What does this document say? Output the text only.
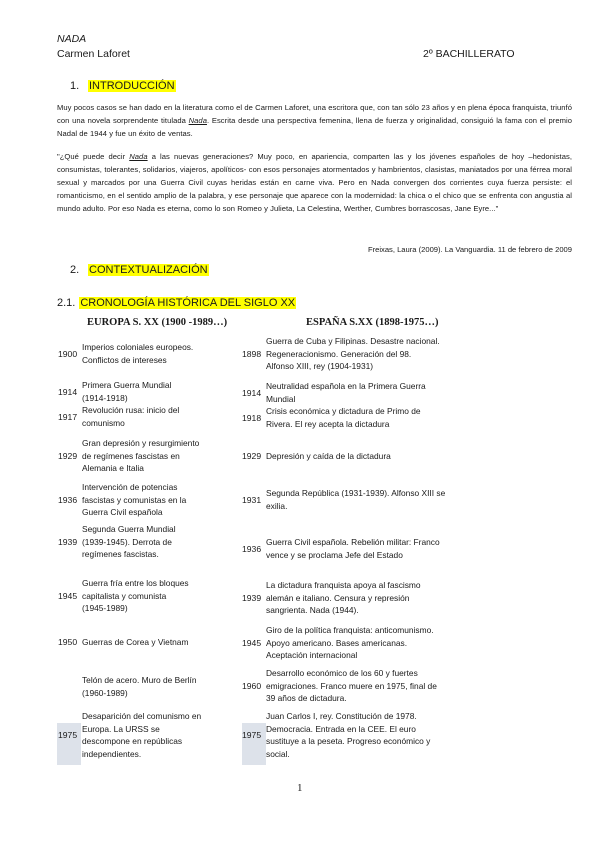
NADA
Carmen Laforet	2º BACHILLERATO
1. INTRODUCCIÓN
Muy pocos casos se han dado en la literatura como el de Carmen Laforet, una escritora que, con tan sólo 23 años y en plena época franquista, triunfó con una novela sorprendente titulada Nada. Escrita desde una perspectiva femenina, llena de fuerza y originalidad, consiguió la fama con el premio Nadal de 1944 y fue un éxito de ventas.
"¿Qué puede decir Nada a las nuevas generaciones? Muy poco, en apariencia, comparten las y los jóvenes españoles de hoy –hedonistas, consumistas, tolerantes, solidarios, viajeros, apolíticos- con esos personajes atormentados y hambrientos, clasistas, maniatados por una férrea moral sexual y marcados por una Guerra Civil cuyas heridas están en carne viva. Pero en Nada convergen dos corrientes cuya fuerza persiste: el romanticismo, en el sentido amplio de la palabra, y ese personaje que aparece con la modernidad: la chica o el chico que se enfrenta con angustia al mundo adulto. Por eso Nada es eterna, como lo son Romeo y Julieta, La Celestina, Werther, Cumbres borrascosas, Jane Eyre..."
Freixas, Laura (2009). La Vanguardia. 11 de febrero de 2009
2. CONTEXTUALIZACIÓN
2.1. CRONOLOGÍA HISTÓRICA DEL SIGLO XX
EUROPA S. XX (1900 -1989…)	ESPAÑA S.XX (1898-1975…)
1900
Imperios coloniales europeos.
Conflictos de intereses
1914
Primera Guerra Mundial
(1914-1918)
1917
Revolución rusa: inicio del
comunismo
1929
Gran depresión y resurgimiento
de regímenes fascistas en
Alemania e Italia
1936
Intervención de potencias
fascistas y comunistas en la
Guerra Civil española
1939
Segunda Guerra Mundial
(1939-1945). Derrota de
regímenes fascistas.
1945
Guerra fría entre los bloques
capitalista y comunista
(1945-1989)
1950 Guerras de Corea y Vietnam
Telón de acero. Muro de Berlín
(1960-1989)
1975
Desaparición del comunismo en
Europa. La URSS se
descompone en repúblicas
independientes.
1898
Guerra de Cuba y Filipinas. Desastre nacional.
Regeneracionismo. Generación del 98.
Alfonso XIII, rey (1904-1931)
1914
Neutralidad española en la Primera Guerra
Mundial
1918
Crisis económica y dictadura de Primo de
Rivera. El rey acepta la dictadura
1929 Depresión y caída de la dictadura
1931
Segunda República (1931-1939). Alfonso XIII se
exilia.
1936
Guerra Civil española. Rebelión militar: Franco
vence y se proclama Jefe del Estado
1939
La dictadura franquista apoya al fascismo
alemán e italiano. Censura y represión
sangrienta. Nada (1944).
1945
Giro de la política franquista: anticomunismo.
Apoyo americano. Bases americanas.
Aceptación internacional
1960
Desarrollo económico de los 60 y fuertes
emigraciones. Franco muere en 1975, final de
39 años de dictadura.
1975
Juan Carlos I, rey. Constitución de 1978.
Democracia. Entrada en la CEE. El euro
sustituye a la peseta. Progreso económico y
social.
1
